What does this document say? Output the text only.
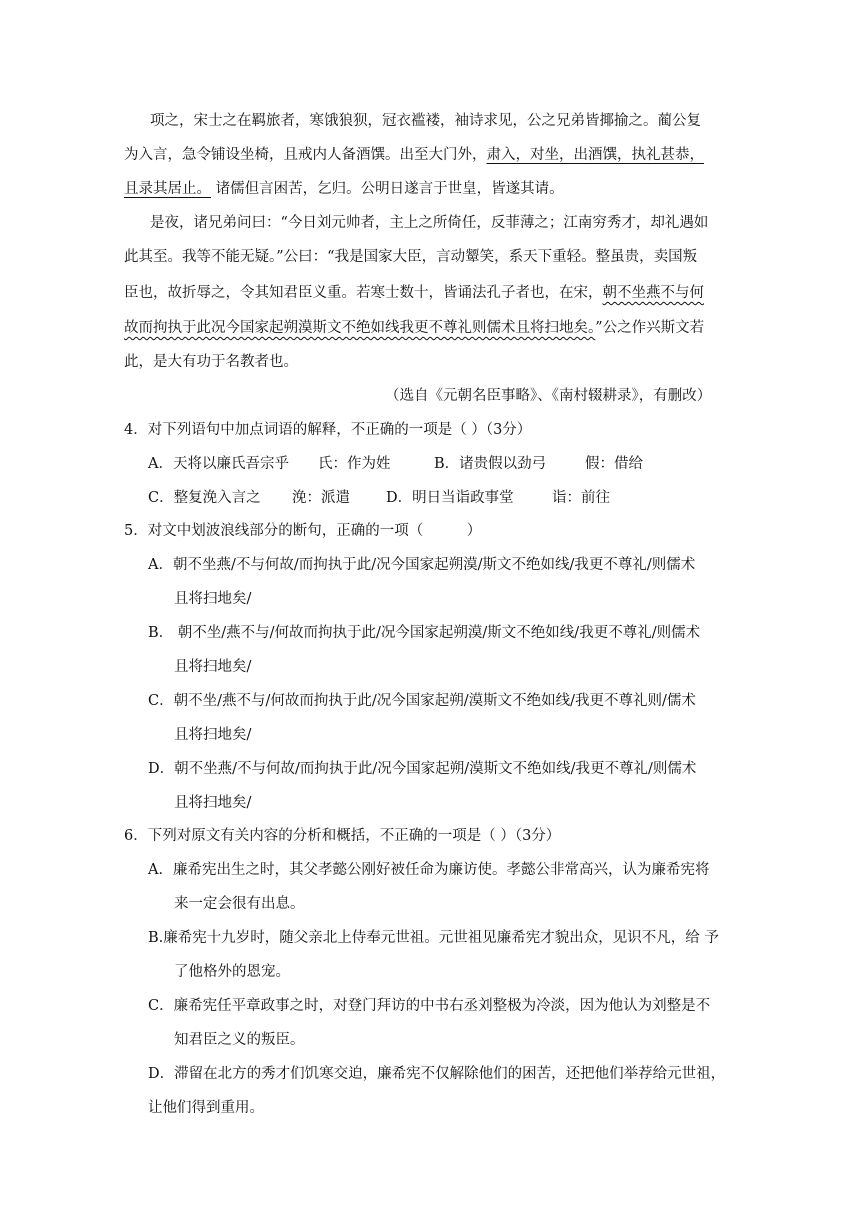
项之，宋士之在羁旅者，寒饿狼狈，冠衣褴褛，袖诗求见，公之兄弟皆揶揄之。蔺公复
为入言，急令铺设坐椅，且戒内人备酒馔。出至大门外，肃入，对坐，出酒馔，执礼甚恭，
且录其居止。 诸儒但言困苦，乞归。公明日遂言于世皇，皆遂其请。
是夜，诸兄弟问曰：“今日刘元帅者，主上之所倚任，反菲薄之；江南穷秀才，却礼遇如
此其至。我等不能无疑。”公曰：“我是国家大臣，言动颦笑，系天下重轻。整虽贵，卖国叛
臣也，故折辱之，令其知君臣义重。若寒士数十，皆诵法孔子者也，在宋，朝不坐燕不与何
故而拘执于此况今国家起朔漠斯文不绝如线我更不尊礼则儒术且将扫地矣。”公之作兴斯文若
此，是大有功于名教者也。
（选自《元朝名臣事略》、《南村辍耕录》，有删改）
4．对下列语句中加点词语的解释，不正确的一项是（ ）（3分）
A．天将以廉氏吾宗乎 氏：作为姓	B．诸贵假以劲弓	假：借给
C．整复浼入言之 浼：派遣 D．明日当诣政事堂	诣：前往
5．对文中划波浪线部分的断句，正确的一项（　　　）
A．朝不坐燕/不与何故/而拘执于此/况今国家起朔漠/斯文不绝如线/我更不尊礼/则儒术
且将扫地矣/
B． 朝不坐/燕不与/何故而拘执于此/况今国家起朔漠/斯文不绝如线/我更不尊礼/则儒术
且将扫地矣/
C．朝不坐/燕不与/何故而拘执于此/况今国家起朔/漠斯文不绝如线/我更不尊礼则/儒术
且将扫地矣/
D．朝不坐燕/不与何故/而拘执于此/况今国家起朔/漠斯文不绝如线/我更不尊礼/则儒术
且将扫地矣/
6．下列对原文有关内容的分析和概括，不正确的一项是（ ）（3分）
A．廉希宪出生之时，其父孝懿公刚好被任命为廉访使。孝懿公非常高兴，认为廉希宪将
来一定会很有出息。
B.廉希宪十九岁时，随父亲北上侍奉元世祖。元世祖见廉希宪才貌出众，见识不凡，给 予
了他格外的恩宠。
C．廉希宪任平章政事之时，对登门拜访的中书右丞刘整极为冷淡，因为他认为刘整是不
知君臣之义的叛臣。
D．滞留在北方的秀才们饥寒交迫，廉希宪不仅解除他们的困苦，还把他们举荐给元世祖，
让他们得到重用。
